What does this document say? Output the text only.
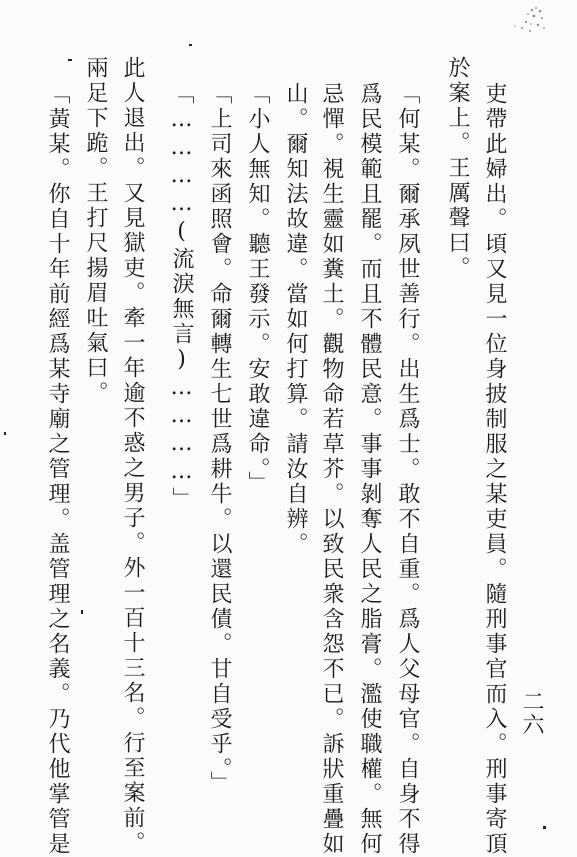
吏帶此婦出。頃又見一位身披制服之某吏員。隨刑事官而入。刑事寄頂
於案上。王厲聲曰。
「何某。爾承夙世善行。出生爲士。敢不自重。爲人父母官。自身不得
爲民模範且罷。而且不體民意。事事剝奪人民之脂膏。濫使職權。無何
忌憚。視生靈如糞土。觀物命若草芥。以致民衆含怨不已。訴狀重疊如
山。爾知法故違。當如何打算。請汝自辨。
「小人無知。聽王發示。安敢違命。」
「上司來函照會。命爾轉生七世爲耕牛。以還民債。甘自受乎。」
「…………(流淚無言)…………」
此人退出。又見獄吏。牽一年逾不惑之男子。外一百十三名。行至案前。
兩足下跪。王打尺揚眉吐氣曰。
「黃某。你自十年前經爲某寺廟之管理。盖管理之名義。乃代他掌管是	二六
